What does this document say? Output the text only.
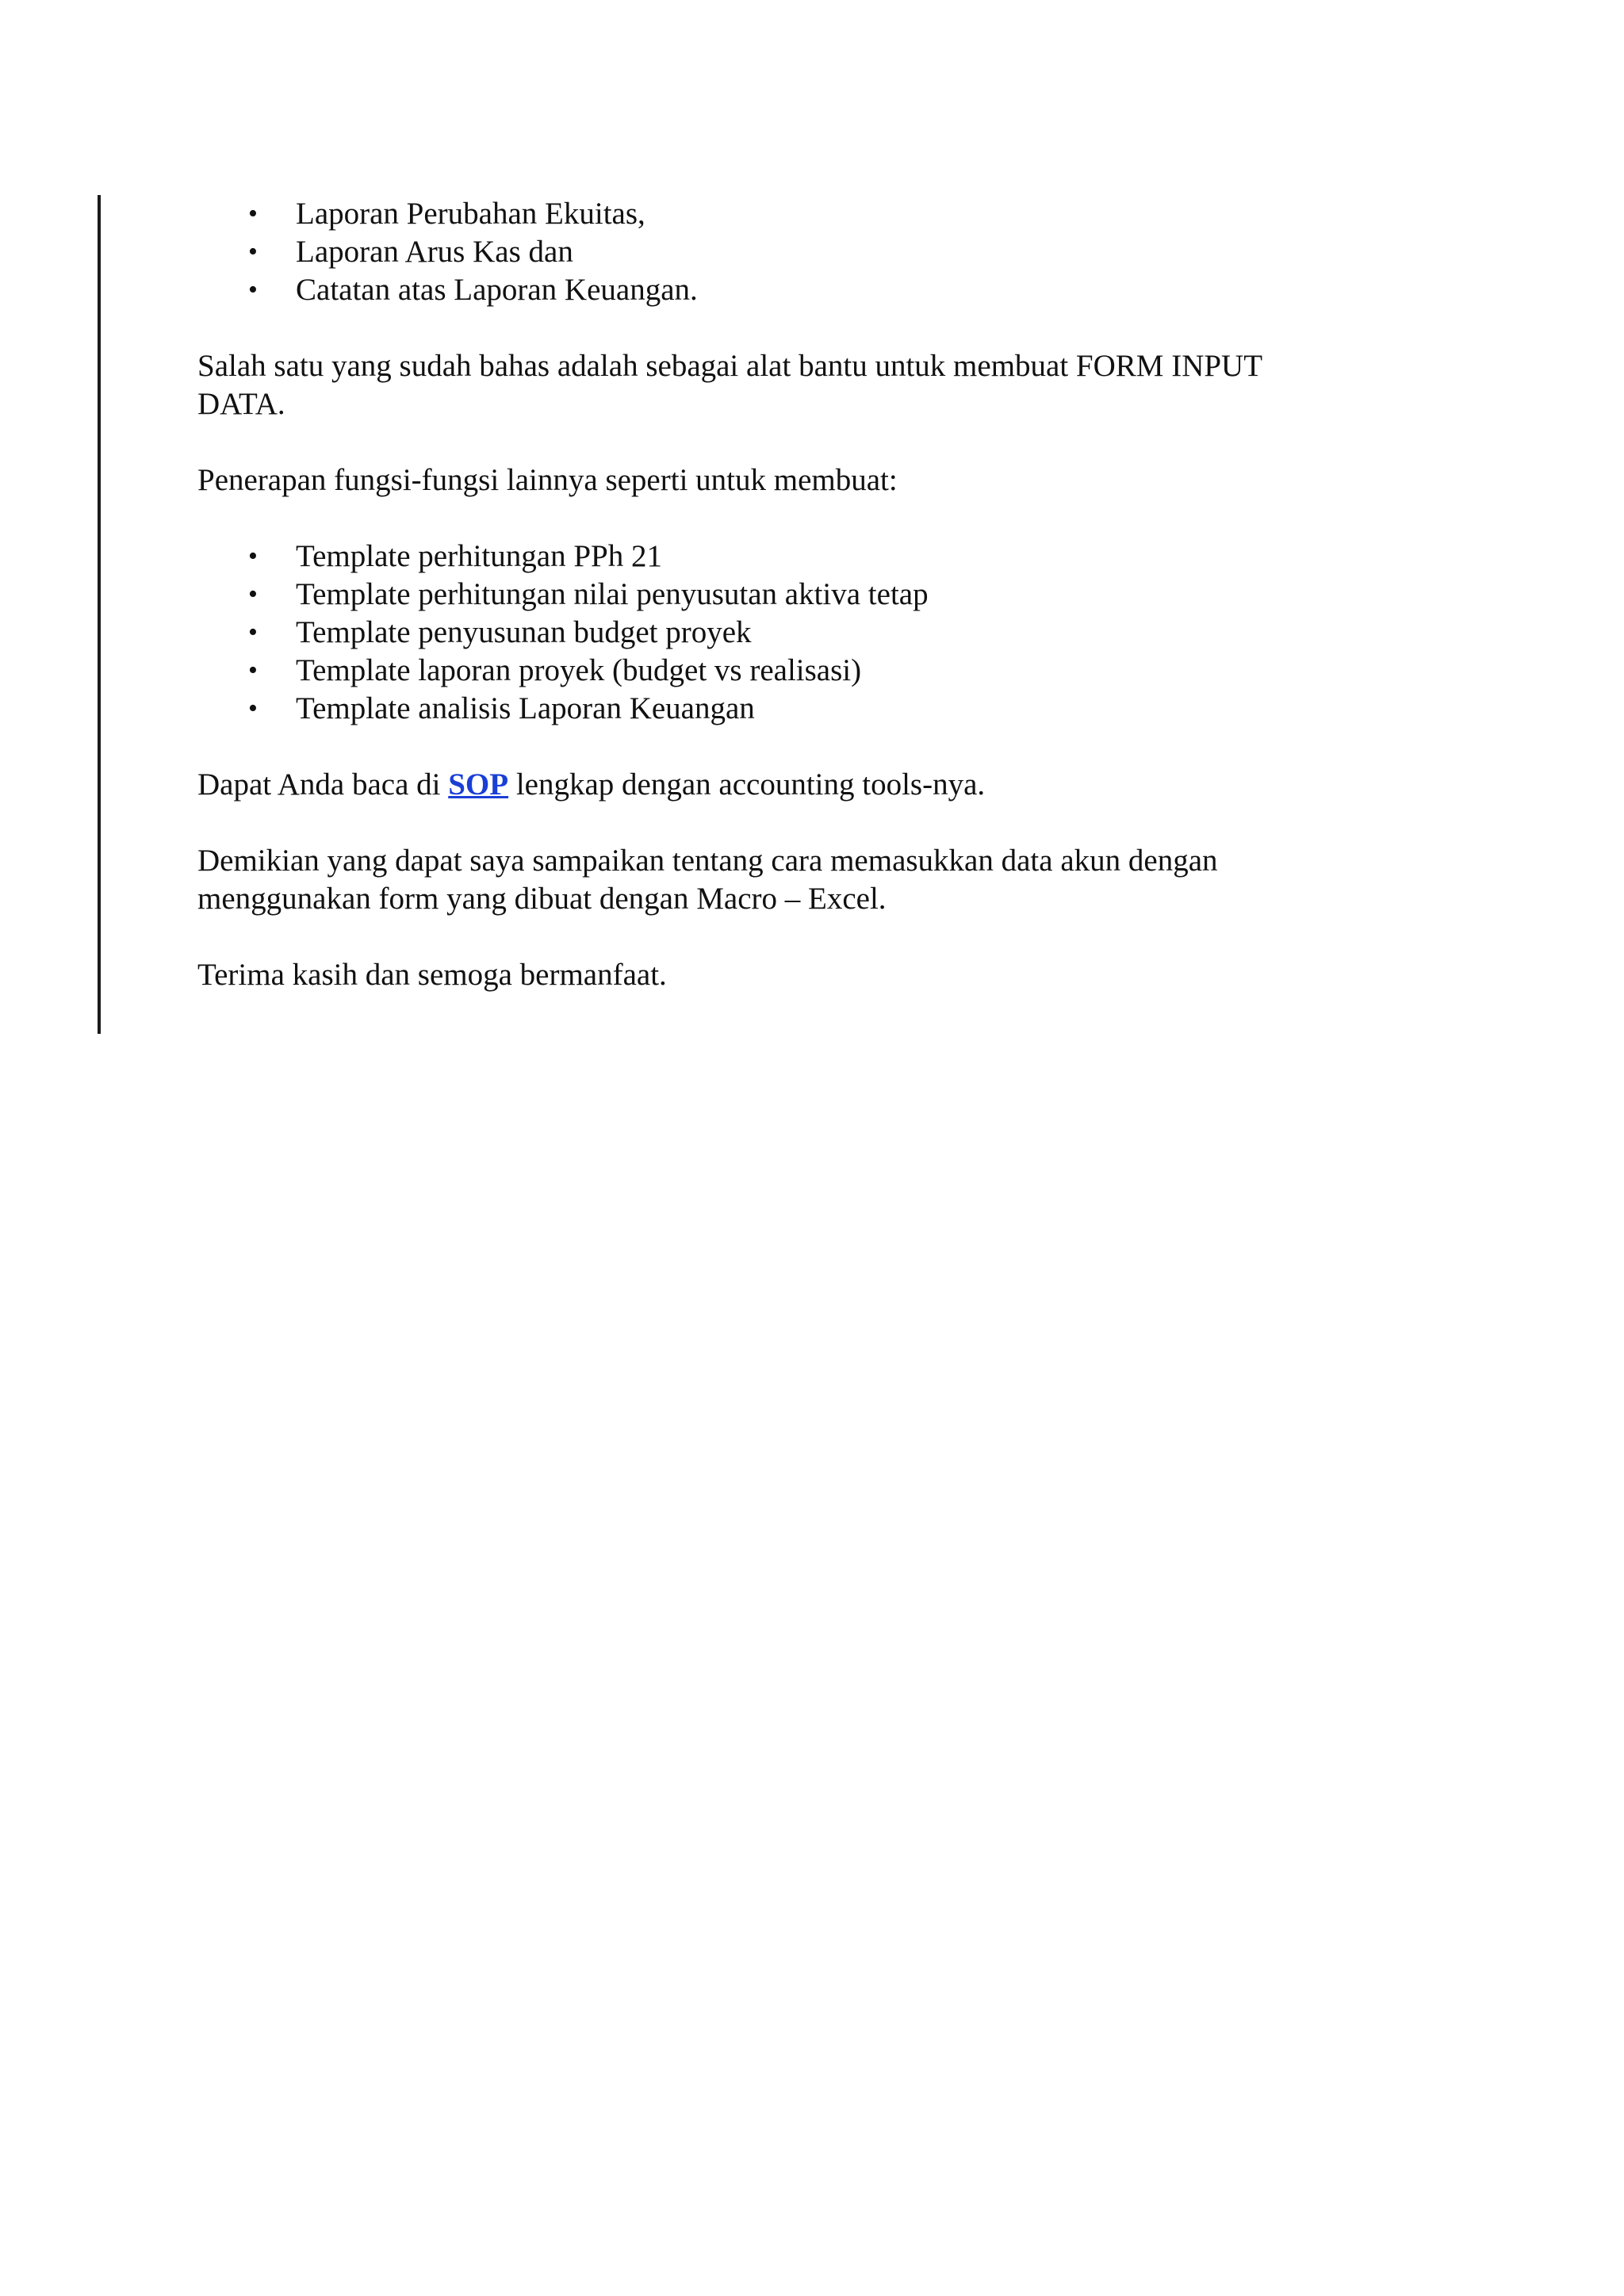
• Laporan Perubahan Ekuitas,
• Laporan Arus Kas dan
• Catatan atas Laporan Keuangan.

Salah satu yang sudah bahas adalah sebagai alat bantu untuk membuat FORM INPUT DATA.

Penerapan fungsi-fungsi lainnya seperti untuk membuat:

• Template perhitungan PPh 21
• Template perhitungan nilai penyusutan aktiva tetap
• Template penyusunan budget proyek
• Template laporan proyek (budget vs realisasi)
• Template analisis Laporan Keuangan

Dapat Anda baca di SOP lengkap dengan accounting tools-nya.

Demikian yang dapat saya sampaikan tentang cara memasukkan data akun dengan
menggunakan form yang dibuat dengan Macro – Excel.

Terima kasih dan semoga bermanfaat.
